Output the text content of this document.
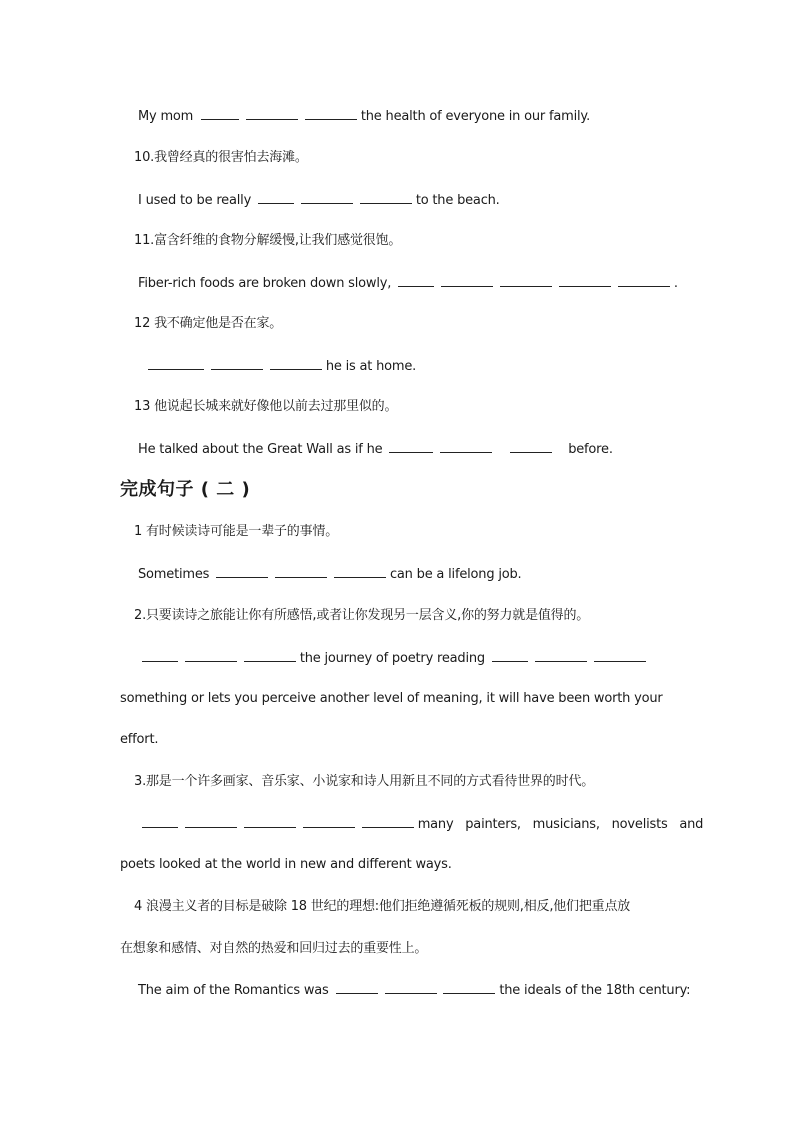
My mom	the health of everyone in our family.
10.我曾经真的很害怕去海滩。
I used to be really	to the beach.
11.富含纤维的食物分解缓慢,让我们感觉很饱。
Fiber-rich foods are broken down slowly,	.
12 我不确定他是否在家。
he is at home.
13 他说起长城来就好像他以前去过那里似的。
He talked about the Great Wall as if he	before.
完成句子 ( 二 )
1 有时候读诗可能是一辈子的事情。
Sometimes	can be a lifelong job.
2.只要读诗之旅能让你有所感悟,或者让你发现另一层含义,你的努力就是值得的。
the journey of poetry reading
something or lets you perceive another level of meaning, it will have been worth your
effort.
3.那是一个许多画家、音乐家、小说家和诗人用新且不同的方式看待世界的时代。
many   painters,   musicians,   novelists   and
poets looked at the world in new and different ways.
4 浪漫主义者的目标是破除 18 世纪的理想:他们拒绝遵循死板的规则,相反,他们把重点放
在想象和感情、对自然的热爱和回归过去的重要性上。
The aim of the Romantics was	the ideals of the 18th century:
